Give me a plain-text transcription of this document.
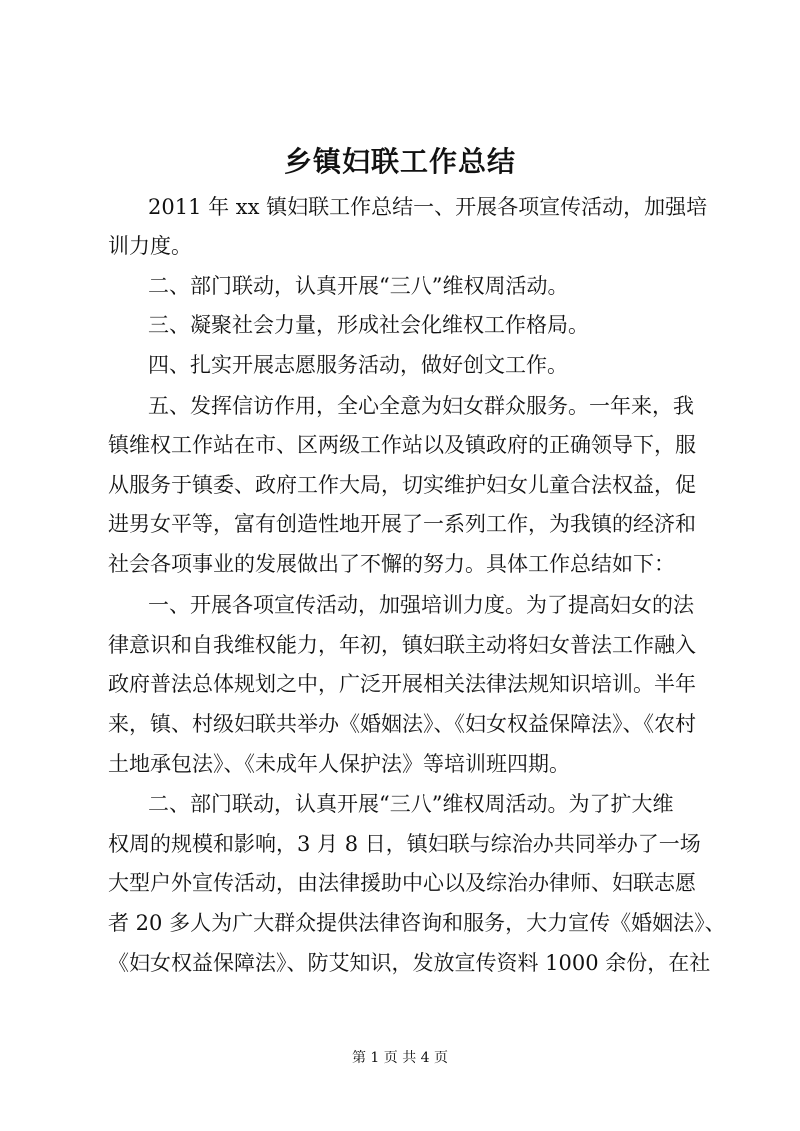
乡镇妇联工作总结
2011 年 xx 镇妇联工作总结一、开展各项宣传活动，加强培
训力度。
二、部门联动，认真开展“三八”维权周活动。
三、凝聚社会力量，形成社会化维权工作格局。
四、扎实开展志愿服务活动，做好创文工作。
五、发挥信访作用，全心全意为妇女群众服务。一年来，我
镇维权工作站在市、区两级工作站以及镇政府的正确领导下，服
从服务于镇委、政府工作大局，切实维护妇女儿童合法权益，促
进男女平等，富有创造性地开展了一系列工作，为我镇的经济和
社会各项事业的发展做出了不懈的努力。具体工作总结如下：
一、开展各项宣传活动，加强培训力度。为了提高妇女的法
律意识和自我维权能力，年初，镇妇联主动将妇女普法工作融入
政府普法总体规划之中，广泛开展相关法律法规知识培训。半年
来，镇、村级妇联共举办《婚姻法》、《妇女权益保障法》、《农村
土地承包法》、《未成年人保护法》等培训班四期。
二、部门联动，认真开展“三八”维权周活动。为了扩大维
权周的规模和影响，3 月 8 日，镇妇联与综治办共同举办了一场
大型户外宣传活动，由法律援助中心以及综治办律师、妇联志愿
者 20 多人为广大群众提供法律咨询和服务，大力宣传《婚姻法》、
《妇女权益保障法》、防艾知识，发放宣传资料 1000 余份，在社
第 1 页 共 4 页
